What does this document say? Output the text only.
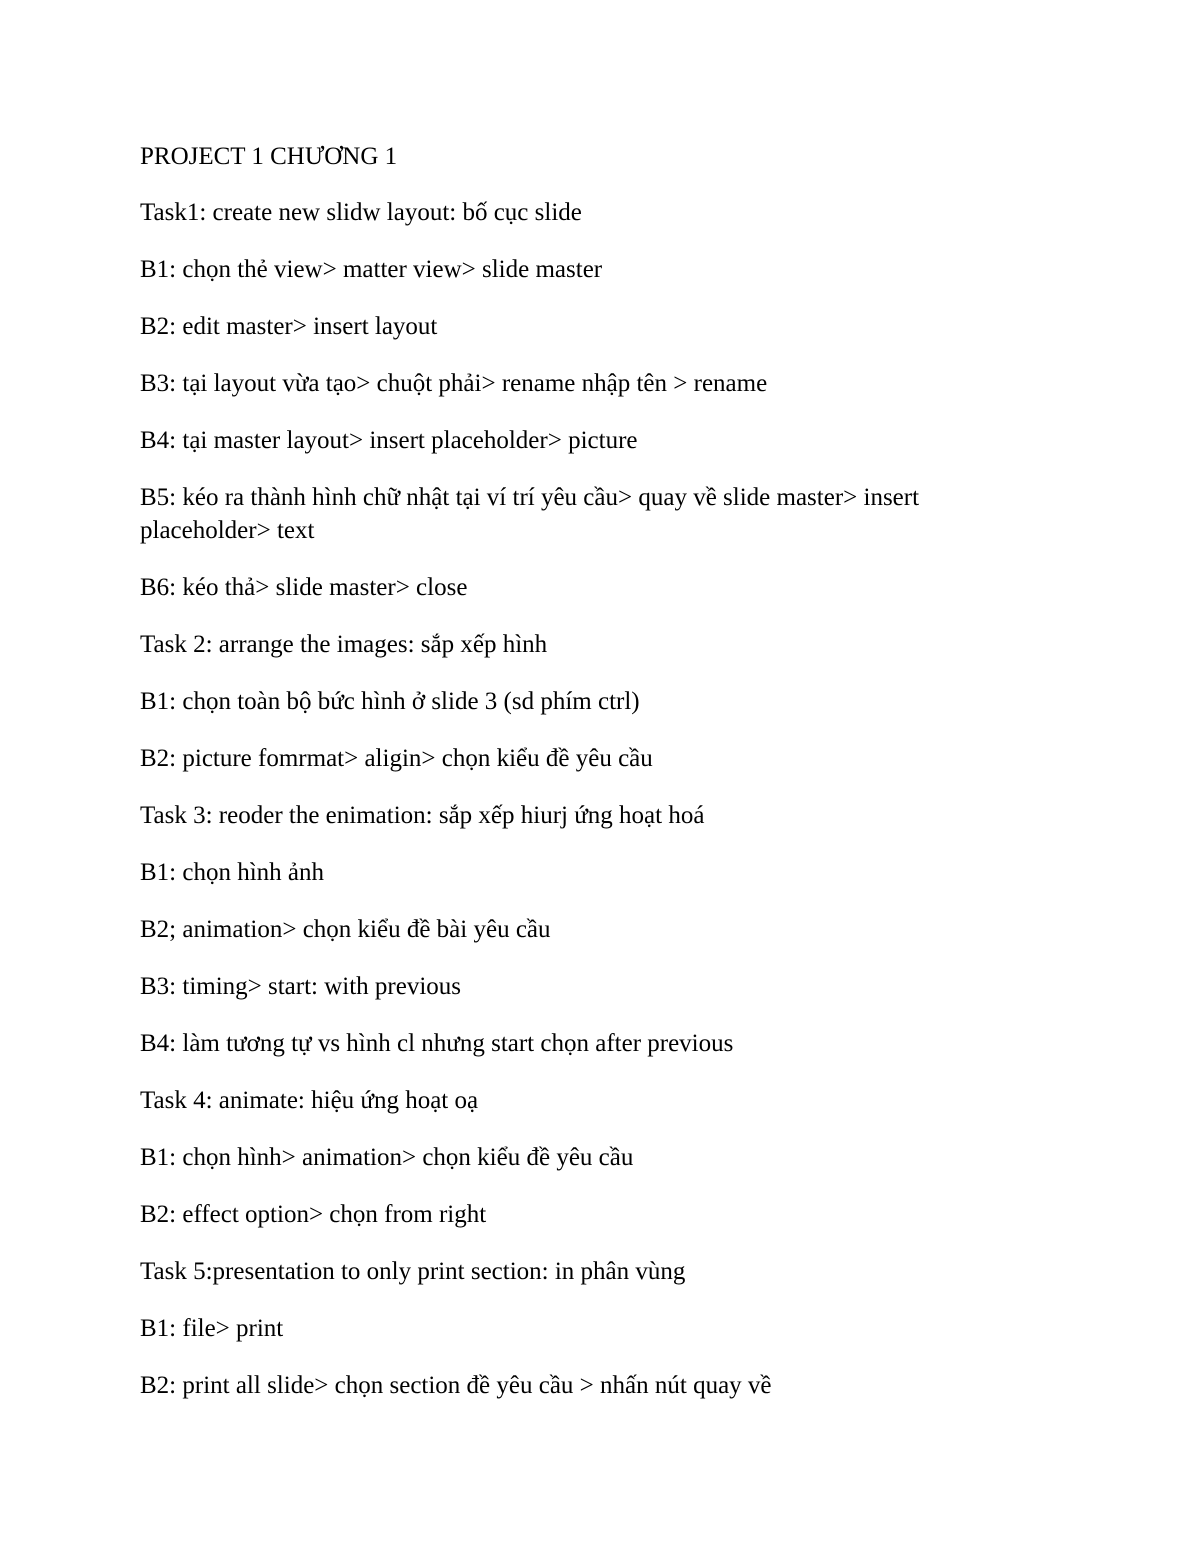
PROJECT 1 CHƯƠNG 1

Task1: create new slidw layout: bố cục slide

B1: chọn thẻ view> matter view> slide master

B2: edit master> insert layout

B3: tại layout vừa tạo> chuột phải> rename nhập tên > rename

B4: tại master layout> insert placeholder> picture

B5: kéo ra thành hình chữ nhật tại ví trí yêu cầu> quay về slide master> insert placeholder> text

B6: kéo thả> slide master> close

Task 2: arrange the images: sắp xếp hình

B1: chọn toàn bộ bức hình ở slide 3 (sd phím ctrl)

B2: picture fomrmat> aligin> chọn kiểu đề yêu cầu

Task 3: reoder the enimation: sắp xếp hiurj ứng hoạt hoá

B1: chọn hình ảnh

B2; animation> chọn kiểu đề bài yêu cầu

B3: timing> start: with previous

B4: làm tương tự vs hình cl nhưng start chọn after previous

Task 4: animate: hiệu ứng hoạt oạ

B1: chọn hình> animation> chọn kiểu đề yêu cầu

B2: effect option> chọn from right

Task 5:presentation to only print section: in phân vùng

B1: file> print

B2: print all slide> chọn section đề yêu cầu > nhấn nút quay về
